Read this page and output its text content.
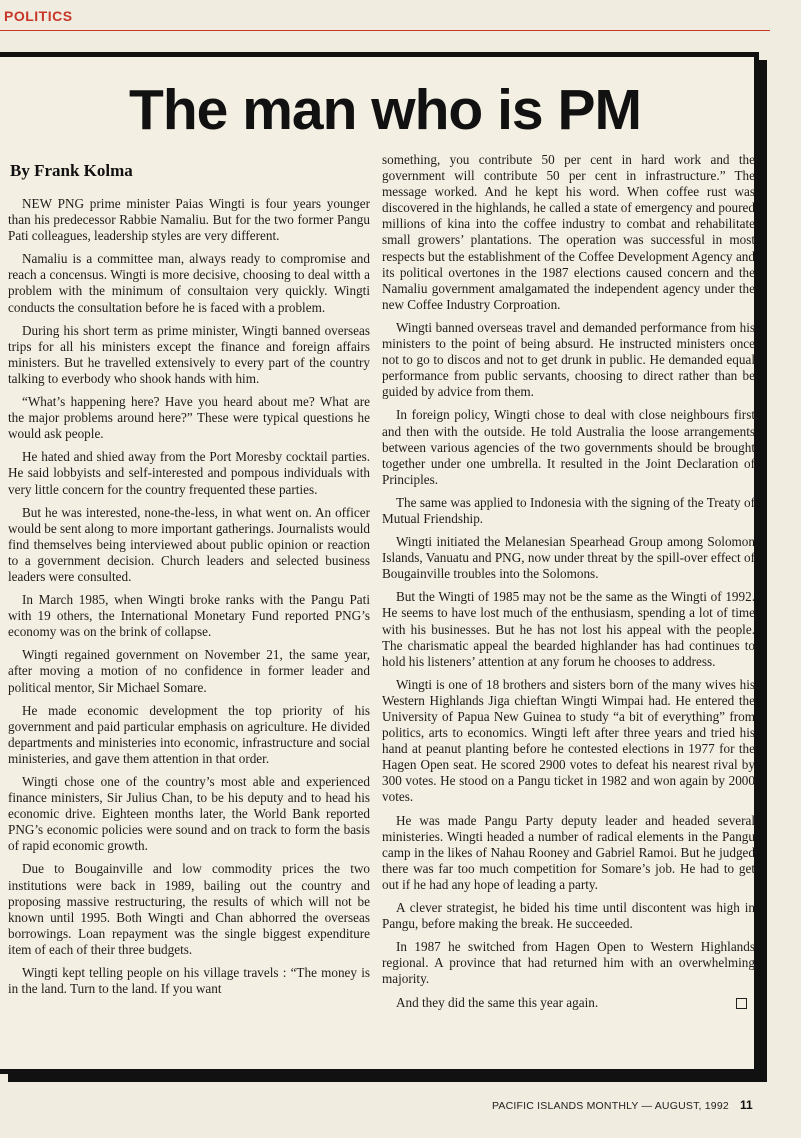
POLITICS
The man who is PM
By Frank Kolma

NEW PNG prime minister Paias Wingti is four years younger than his predecessor Rabbie Namaliu. But for the two former Pangu Pati colleagues, leadership styles are very different.

Namaliu is a committee man, always ready to compromise and reach a concensus. Wingti is more decisive, choosing to deal witth a problem with the minimum of consultaion very quickly. Wingti conducts the consultation before he is faced with a problem.

During his short term as prime minister, Wingti banned overseas trips for all his ministers except the finance and foreign affairs ministers. But he travelled extensively to every part of the country talking to everbody who shook hands with him.

“What’s happening here? Have you heard about me? What are the major problems around here?” These were typical questions he would ask people.

He hated and shied away from the Port Moresby cocktail parties. He said lobbyists and self-interested and pompous individuals with very little concern for the country frequented these parties.

But he was interested, none-the-less, in what went on. An officer would be sent along to more important gatherings. Journalists would find themselves being interviewed about public opinion or reaction to a government decision. Church leaders and selected business leaders were consulted.

In March 1985, when Wingti broke ranks with the Pangu Pati with 19 others, the International Monetary Fund reported PNG’s economy was on the brink of collapse.

Wingti regained government on November 21, the same year, after moving a motion of no confidence in former leader and political mentor, Sir Michael Somare.

He made economic development the top priority of his government and paid particular emphasis on agriculture. He divided departments and ministeries into economic, infrastructure and social ministeries, and gave them attention in that order.

Wingti chose one of the country’s most able and experienced finance ministers, Sir Julius Chan, to be his deputy and to head his economic drive. Eighteen months later, the World Bank reported PNG’s economic policies were sound and on track to form the basis of rapid economic growth.

Due to Bougainville and low commodity prices the two institutions were back in 1989, bailing out the country and proposing massive restructuring, the results of which will not be known until 1995. Both Wingti and Chan abhorred the overseas borrowings. Loan repayment was the single biggest expenditure item of each of their three budgets.

Wingti kept telling people on his village travels : “The money is in the land. Turn to the land. If you want

something, you contribute 50 per cent in hard work and the government will contribute 50 per cent in infrastructure.” The message worked. And he kept his word. When coffee rust was discovered in the highlands, he called a state of emergency and poured millions of kina into the coffee industry to combat and rehabilitate small growers’ plantations. The operation was successful in most respects but the establishment of the Coffee Development Agency and its political overtones in the 1987 elections caused concern and the Namaliu government amalgamated the independent agency under the new Coffee Industry Corproation.

Wingti banned overseas travel and demanded performance from his ministers to the point of being absurd. He instructed ministers once not to go to discos and not to get drunk in public. He demanded equal performance from public servants, choosing to direct rather than be guided by advice from them.

In foreign policy, Wingti chose to deal with close neighbours first and then with the outside. He told Australia the loose arrangements between various agencies of the two governments should be brought together under one umbrella. It resulted in the Joint Declaration of Principles.

The same was applied to Indonesia with the signing of the Treaty of Mutual Friendship.

Wingti initiated the Melanesian Spearhead Group among Solomon Islands, Vanuatu and PNG, now under threat by the spill-over effect of Bougainville troubles into the Solomons.

But the Wingti of 1985 may not be the same as the Wingti of 1992. He seems to have lost much of the enthusiasm, spending a lot of time with his businesses. But he has not lost his appeal with the people. The charismatic appeal the bearded highlander has had continues to hold his listeners’ attention at any forum he chooses to address.

Wingti is one of 18 brothers and sisters born of the many wives his Western Highlands Jiga chieftan Wingti Wimpai had. He entered the University of Papua New Guinea to study “a bit of everything” from politics, arts to economics. Wingti left after three years and tried his hand at peanut planting before he contested elections in 1977 for the Hagen Open seat. He scored 2900 votes to defeat his nearest rival by 300 votes. He stood on a Pangu ticket in 1982 and won again by 2000 votes.

He was made Pangu Party deputy leader and headed several ministeries. Wingti headed a number of radical elements in the Pangu camp in the likes of Nahau Rooney and Gabriel Ramoi. But he judged there was far too much competition for Somare’s job. He had to get out if he had any hope of leading a party.

A clever strategist, he bided his time until discontent was high in Pangu, before making the break. He succeeded.

In 1987 he switched from Hagen Open to Western Highlands regional. A province that had returned him with an overwhelming majority.

And they did the same this year again.

PACIFIC ISLANDS MONTHLY — AUGUST, 1992 11
